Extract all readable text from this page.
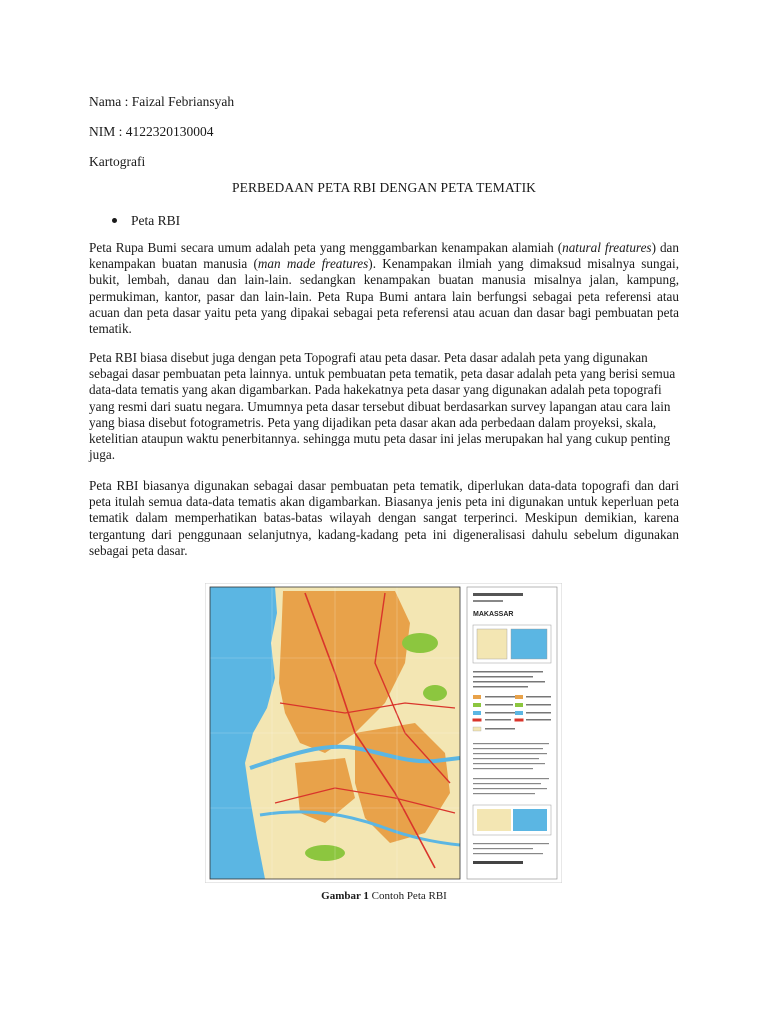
Nama : Faizal Febriansyah
NIM : 4122320130004
Kartografi
PERBEDAAN PETA RBI DENGAN PETA TEMATIK
Peta RBI
Peta Rupa Bumi secara umum adalah peta yang menggambarkan kenampakan alamiah (natural freatures) dan kenampakan buatan manusia (man made freatures). Kenampakan ilmiah yang dimaksud misalnya sungai, bukit, lembah, danau dan lain-lain. sedangkan kenampakan buatan manusia misalnya jalan, kampung, permukiman, kantor, pasar dan lain-lain. Peta Rupa Bumi antara lain berfungsi sebagai peta referensi atau acuan dan peta dasar yaitu peta yang dipakai sebagai peta referensi atau acuan dan dasar bagi pembuatan peta tematik.
Peta RBI biasa disebut juga dengan peta Topografi atau peta dasar. Peta dasar adalah peta yang digunakan sebagai dasar pembuatan peta lainnya. untuk pembuatan peta tematik, peta dasar adalah peta yang berisi semua data-data tematis yang akan digambarkan. Pada hakekatnya peta dasar yang digunakan adalah peta topografi yang resmi dari suatu negara. Umumnya peta dasar tersebut dibuat berdasarkan survey lapangan atau cara lain yang biasa disebut fotogrametris. Peta yang dijadikan peta dasar akan ada perbedaan dalam proyeksi, skala, ketelitian ataupun waktu penerbitannya. sehingga mutu peta dasar ini jelas merupakan hal yang cukup penting juga.
Peta RBI biasanya digunakan sebagai dasar pembuatan peta tematik, diperlukan data-data topografi dan dari peta itulah semua data-data tematis akan digambarkan. Biasanya jenis peta ini digunakan untuk keperluan peta tematik dalam memperhatikan batas-batas wilayah dengan sangat terperinci. Meskipun demikian, karena tergantung dari penggunaan selanjutnya, kadang-kadang peta ini digeneralisasi dahulu sebelum digunakan sebagai peta dasar.
MAKASSAR
Gambar 1 Contoh Peta RBI
